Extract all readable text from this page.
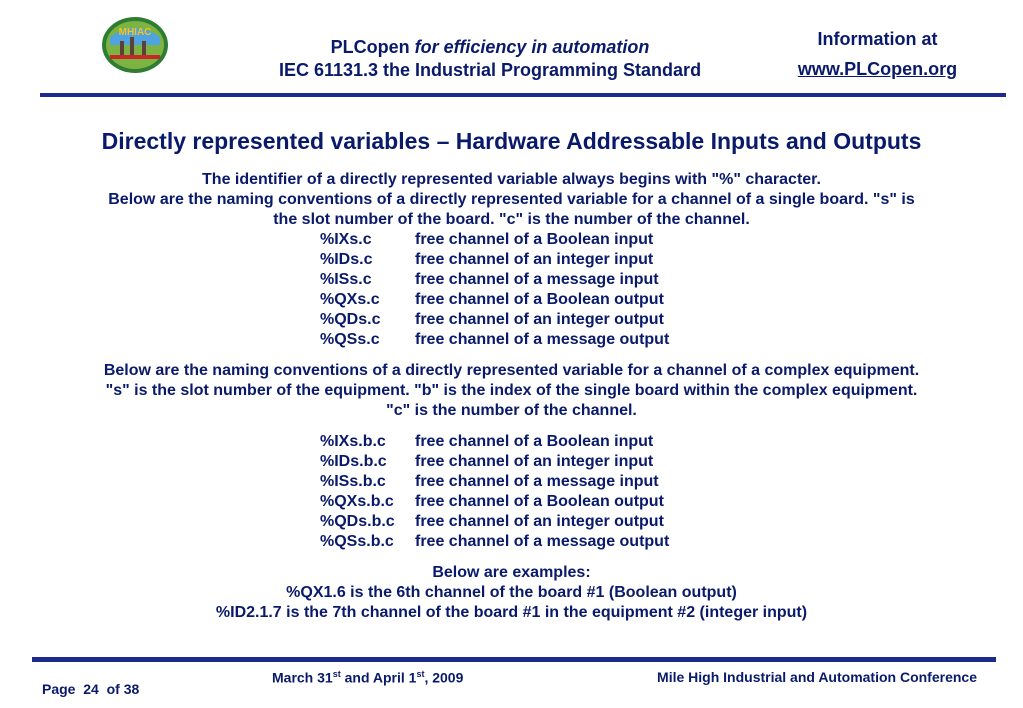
MHIAC
PLCopen for efficiency in automation
IEC 61131.3 the Industrial Programming Standard
Information at
www.PLCopen.org
Directly represented variables – Hardware Addressable Inputs and Outputs

The identifier of a directly represented variable always begins with "%" character.

Below are the naming conventions of a directly represented variable for a channel of a single board. "s" is

the slot number of the board. "c" is the number of the channel.

%IXs.c	free channel of a Boolean input
%IDs.c	free channel of an integer input
%ISs.c	free channel of a message input
%QXs.c	free channel of a Boolean output
%QDs.c	free channel of an integer output
%QSs.c	free channel of a message output

Below are the naming conventions of a directly represented variable for a channel of a complex equipment.

"s" is the slot number of the equipment. "b" is the index of the single board within the complex equipment.

"c" is the number of the channel.

%IXs.b.c	free channel of a Boolean input
%IDs.b.c	free channel of an integer input
%ISs.b.c	free channel of a message input
%QXs.b.c	free channel of a Boolean output
%QDs.b.c	free channel of an integer output
%QSs.b.c	free channel of a message output

Below are examples:

%QX1.6 is the 6th channel of the board #1 (Boolean output)

%ID2.1.7 is the 7th channel of the board #1 in the equipment #2 (integer input)

March 31st and April 1st, 2009	Mile High Industrial and Automation Conference
Page 24 of 38
